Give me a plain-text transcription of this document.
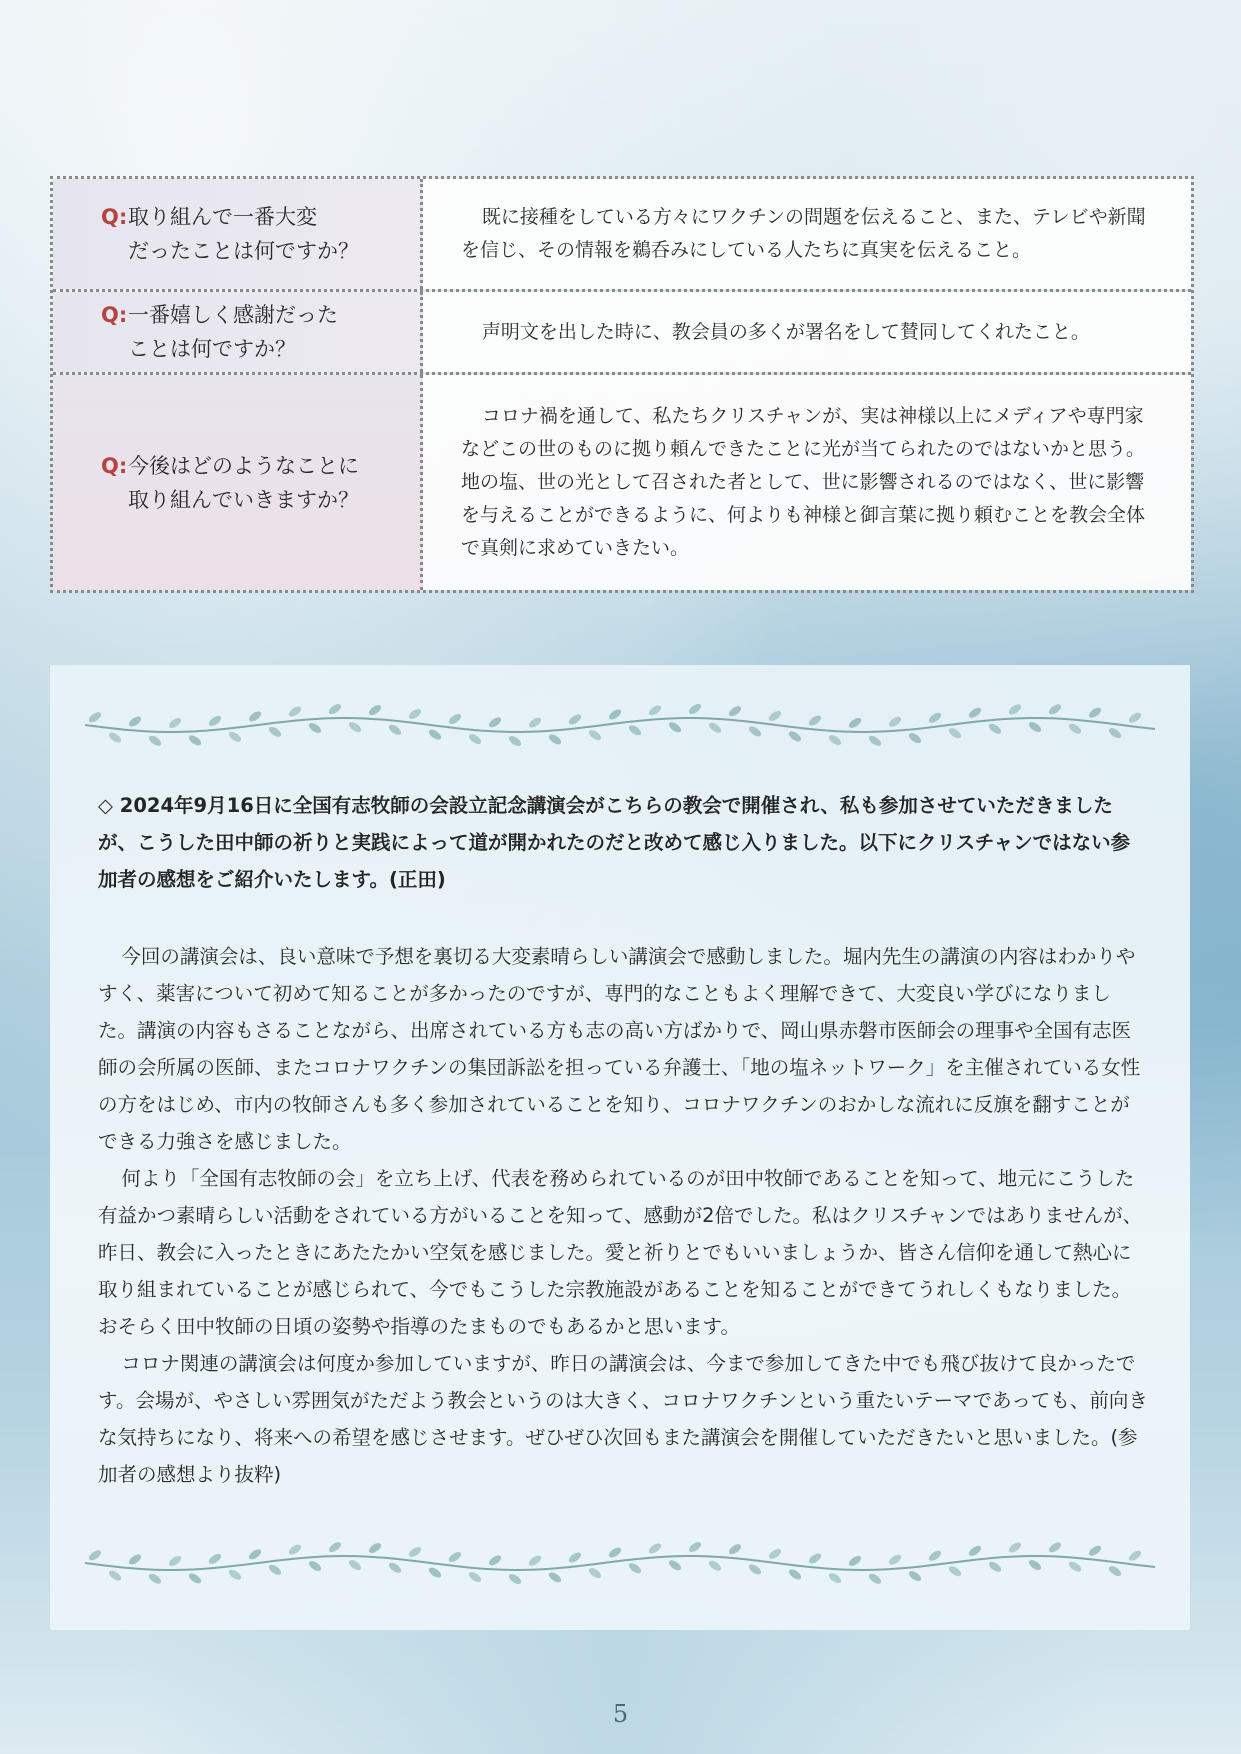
Q: 取り組んで一番大変
だったことは何ですか？

既に接種をしている方々にワクチンの問題を伝えること、また、テレビや新聞を信じ、その情報を鵜呑みにしている人たちに真実を伝えること。

Q: 一番嬉しく感謝だった
ことは何ですか？

声明文を出した時に、教会員の多くが署名をして賛同してくれたこと。

Q: 今後はどのようなことに
取り組んでいきますか？

コロナ禍を通して、私たちクリスチャンが、実は神様以上にメディアや専門家などこの世のものに拠り頼んできたことに光が当てられたのではないかと思う。地の塩、世の光として召された者として、世に影響されるのではなく、世に影響を与えることができるように、何よりも神様と御言葉に拠り頼むことを教会全体で真剣に求めていきたい。

◇ 2024年9月16日に全国有志牧師の会設立記念講演会がこちらの教会で開催され、私も参加させていただきましたが、こうした田中師の祈りと実践によって道が開かれたのだと改めて感じ入りました。以下にクリスチャンではない参加者の感想をご紹介いたします。(正田)

今回の講演会は、良い意味で予想を裏切る大変素晴らしい講演会で感動しました。堀内先生の講演の内容はわかりやすく、薬害について初めて知ることが多かったのですが、専門的なこともよく理解できて、大変良い学びになりました。講演の内容もさることながら、出席されている方も志の高い方ばかりで、岡山県赤磐市医師会の理事や全国有志医師の会所属の医師、またコロナワクチンの集団訴訟を担っている弁護士、「地の塩ネットワーク」を主催されている女性の方をはじめ、市内の牧師さんも多く参加されていることを知り、コロナワクチンのおかしな流れに反旗を翻すことができる力強さを感じました。

何より「全国有志牧師の会」を立ち上げ、代表を務められているのが田中牧師であることを知って、地元にこうした有益かつ素晴らしい活動をされている方がいることを知って、感動が2倍でした。私はクリスチャンではありませんが、昨日、教会に入ったときにあたたかい空気を感じました。愛と祈りとでもいいましょうか、皆さん信仰を通して熱心に取り組まれていることが感じられて、今でもこうした宗教施設があることを知ることができてうれしくもなりました。おそらく田中牧師の日頃の姿勢や指導のたまものでもあるかと思います。

コロナ関連の講演会は何度か参加していますが、昨日の講演会は、今まで参加してきた中でも飛び抜けて良かったです。会場が、やさしい雰囲気がただよう教会というのは大きく、コロナワクチンという重たいテーマであっても、前向きな気持ちになり、将来への希望を感じさせます。ぜひぜひ次回もまた講演会を開催していただきたいと思いました。(参加者の感想より抜粋)

5
